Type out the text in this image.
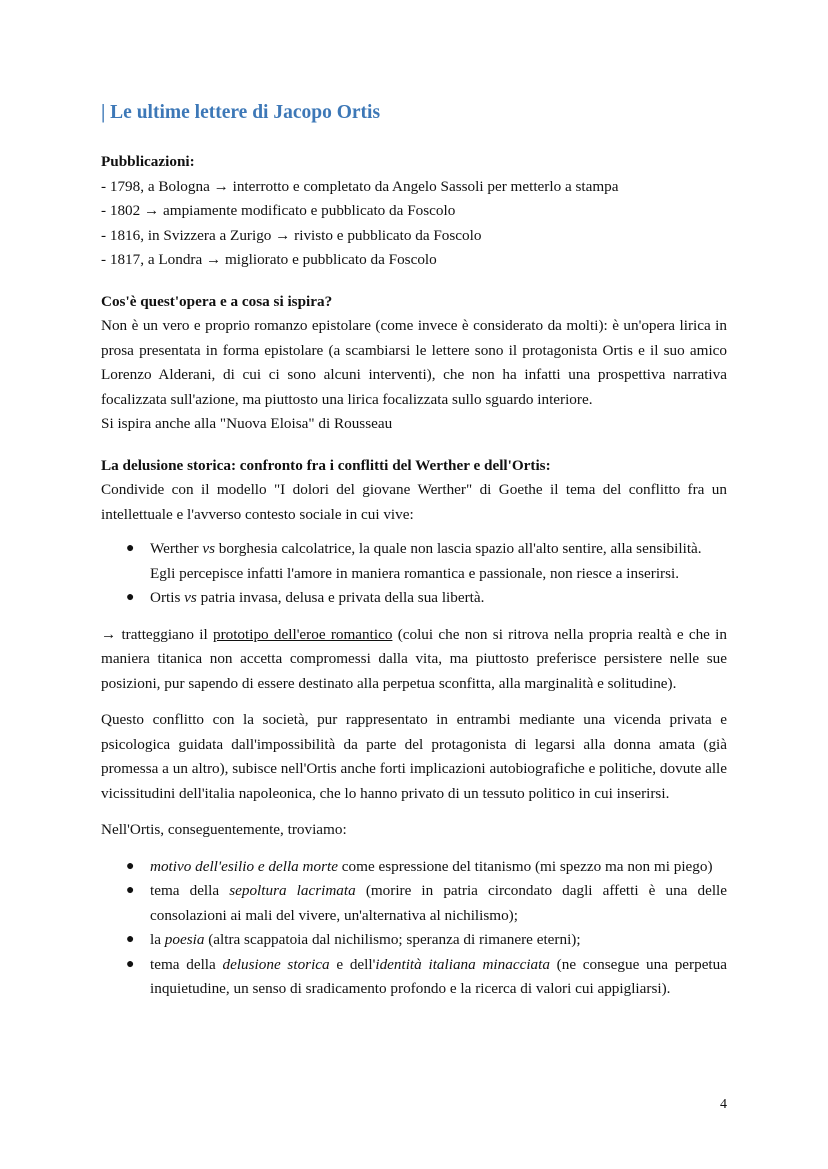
| Le ultime lettere di Jacopo Ortis
Pubblicazioni:

- 1798, a Bologna → interrotto e completato da Angelo Sassoli per metterlo a stampa

- 1802 → ampiamente modificato e pubblicato da Foscolo

- 1816, in Svizzera a Zurigo → rivisto e pubblicato da Foscolo

- 1817, a Londra → migliorato e pubblicato da Foscolo

Cos'è quest'opera e a cosa si ispira?

Non è un vero e proprio romanzo epistolare (come invece è considerato da molti): è un'opera lirica in prosa presentata in forma epistolare (a scambiarsi le lettere sono il protagonista Ortis e il suo amico Lorenzo Alderani, di cui ci sono alcuni interventi), che non ha infatti una prospettiva narrativa focalizzata sull'azione, ma piuttosto una lirica focalizzata sullo sguardo interiore.

Si ispira anche alla "Nuova Eloisa" di Rousseau

La delusione storica: confronto fra i conflitti del Werther e dell'Ortis:

Condivide con il modello "I dolori del giovane Werther" di Goethe il tema del conflitto fra un intellettuale e l'avverso contesto sociale in cui vive:

● Werther vs borghesia calcolatrice, la quale non lascia spazio all'alto sentire, alla sensibilità. Egli percepisce infatti l'amore in maniera romantica e passionale, non riesce a inserirsi.
● Ortis vs patria invasa, delusa e privata della sua libertà.

→ tratteggiano il prototipo dell'eroe romantico (colui che non si ritrova nella propria realtà e che in maniera titanica non accetta compromessi dalla vita, ma piuttosto preferisce persistere nelle sue posizioni, pur sapendo di essere destinato alla perpetua sconfitta, alla marginalità e solitudine).

Questo conflitto con la società, pur rappresentato in entrambi mediante una vicenda privata e psicologica guidata dall'impossibilità da parte del protagonista di legarsi alla donna amata (già promessa a un altro), subisce nell'Ortis anche forti implicazioni autobiografiche e politiche, dovute alle vicissitudini dell'italia napoleonica, che lo hanno privato di un tessuto politico in cui inserirsi.

Nell'Ortis, conseguentemente, troviamo:

● motivo dell'esilio e della morte come espressione del titanismo (mi spezzo ma non mi piego)
● tema della sepoltura lacrimata (morire in patria circondato dagli affetti è una delle consolazioni ai mali del vivere, un'alternativa al nichilismo);
● la poesia (altra scappatoia dal nichilismo; speranza di rimanere eterni);
● tema della delusione storica e dell'identità italiana minacciata (ne consegue una perpetua inquietudine, un senso di sradicamento profondo e la ricerca di valori cui appigliarsi).
4
